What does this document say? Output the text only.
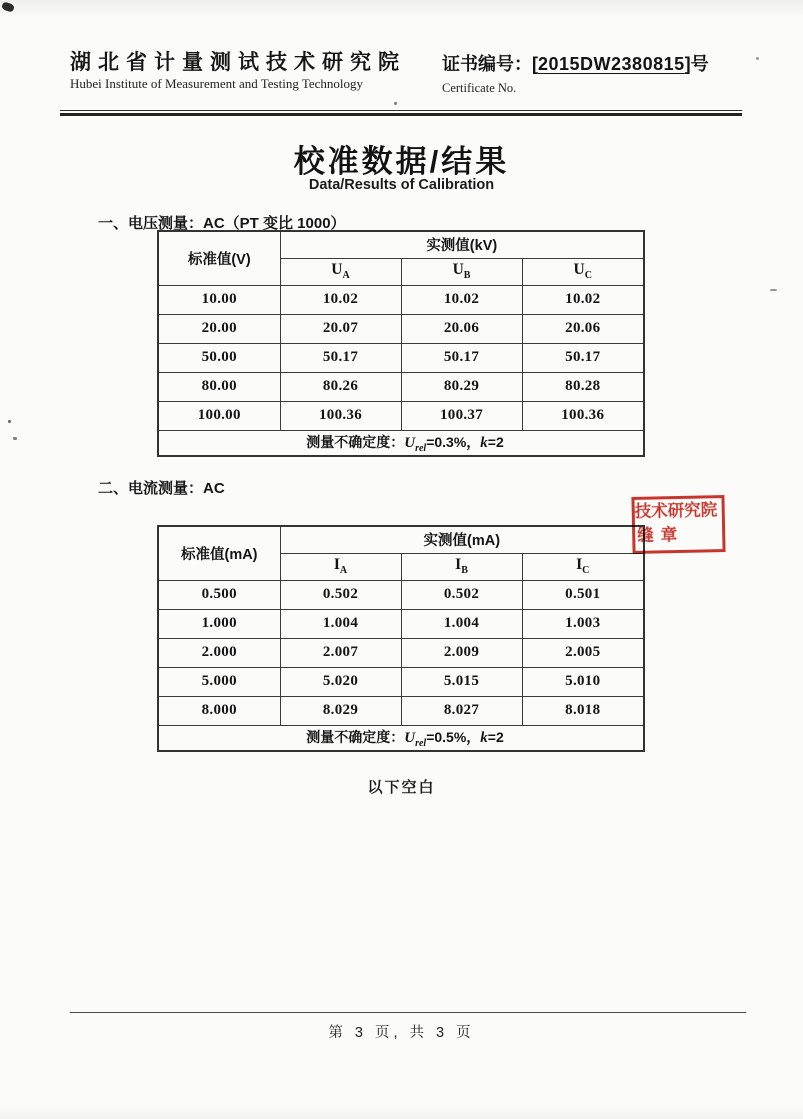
湖北省计量测试技术研究院
Hubei Institute of Measurement and Testing Technology
证书编号：[2015DW2380815]号
Certificate No.
校准数据/结果
Data/Results of Calibration
一、电压测量：AC（PT 变比 1000）
标准值(V)	实测值(kV)		
	$U_A$	$U_B$	$U_C$
10.00	10.02	10.02	10.02
20.00	20.07	20.06	20.06
50.00	50.17	50.17	50.17
80.00	80.26	80.29	80.28
100.00	100.36	100.37	100.36
测量不确定度：$U_{rel}=0.3\%$，k=2			
二、电流测量：AC
标准值(mA)	实测值(mA)		
	$I_A$	$I_B$	$I_C$
0.500	0.502	0.502	0.501
1.000	1.004	1.004	1.003
2.000	2.007	2.009	2.005
5.000	5.020	5.015	5.010
8.000	8.029	8.027	8.018
测量不确定度：$U_{rel}=0.5\%$，k=2			
技术研究院
缝章
以下空白
第 3 页, 共 3 页
